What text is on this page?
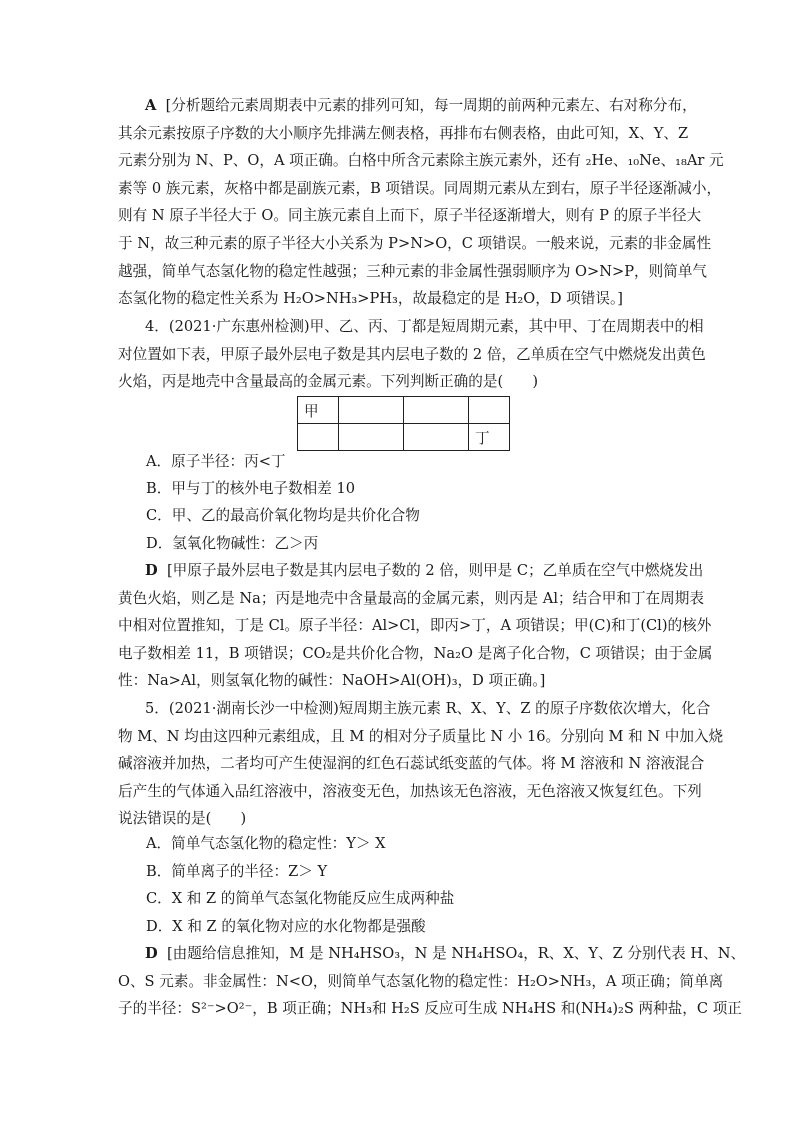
A [分析题给元素周期表中元素的排列可知，每一周期的前两种元素左、右对称分布，
其余元素按原子序数的大小顺序先排满左侧表格，再排布右侧表格，由此可知，X、Y、Z
元素分别为 N、P、O，A 项正确。白格中所含元素除主族元素外，还有 ₂He、₁₀Ne、₁₈Ar 元
素等 0 族元素，灰格中都是副族元素，B 项错误。同周期元素从左到右，原子半径逐渐减小，
则有 N 原子半径大于 O。同主族元素自上而下，原子半径逐渐增大，则有 P 的原子半径大
于 N，故三种元素的原子半径大小关系为 P>N>O，C 项错误。一般来说，元素的非金属性
越强，简单气态氢化物的稳定性越强；三种元素的非金属性强弱顺序为 O>N>P，则简单气
态氢化物的稳定性关系为 H₂O>NH₃>PH₃，故最稳定的是 H₂O，D 项错误。]
4．(2021·广东惠州检测)甲、乙、丙、丁都是短周期元素，其中甲、丁在周期表中的相
对位置如下表，甲原子最外层电子数是其内层电子数的 2 倍，乙单质在空气中燃烧发出黄色
火焰，丙是地壳中含量最高的金属元素。下列判断正确的是(　　)
甲			
			丁
A．原子半径：丙<丁
B．甲与丁的核外电子数相差 10
C．甲、乙的最高价氧化物均是共价化合物
D．氢氧化物碱性：乙＞丙
D [甲原子最外层电子数是其内层电子数的 2 倍，则甲是 C；乙单质在空气中燃烧发出
黄色火焰，则乙是 Na；丙是地壳中含量最高的金属元素，则丙是 Al；结合甲和丁在周期表
中相对位置推知，丁是 Cl。原子半径：Al>Cl，即丙>丁，A 项错误；甲(C)和丁(Cl)的核外
电子数相差 11，B 项错误；CO₂是共价化合物，Na₂O 是离子化合物，C 项错误；由于金属
性：Na>Al，则氢氧化物的碱性：NaOH>Al(OH)₃，D 项正确。]
5．(2021·湖南长沙一中检测)短周期主族元素 R、X、Y、Z 的原子序数依次增大，化合
物 M、N 均由这四种元素组成，且 M 的相对分子质量比 N 小 16。分别向 M 和 N 中加入烧
碱溶液并加热，二者均可产生使湿润的红色石蕊试纸变蓝的气体。将 M 溶液和 N 溶液混合
后产生的气体通入品红溶液中，溶液变无色，加热该无色溶液，无色溶液又恢复红色。下列
说法错误的是(　　)
A．简单气态氢化物的稳定性：Y＞ X
B．简单离子的半径：Z＞ Y
C．X 和 Z 的简单气态氢化物能反应生成两种盐
D．X 和 Z 的氧化物对应的水化物都是强酸
D [由题给信息推知，M 是 NH₄HSO₃，N 是 NH₄HSO₄，R、X、Y、Z 分别代表 H、N、
O、S 元素。非金属性：N<O，则简单气态氢化物的稳定性：H₂O>NH₃，A 项正确；简单离
子的半径：S²⁻>O²⁻，B 项正确；NH₃和 H₂S 反应可生成 NH₄HS 和(NH₄)₂S 两种盐，C 项正
